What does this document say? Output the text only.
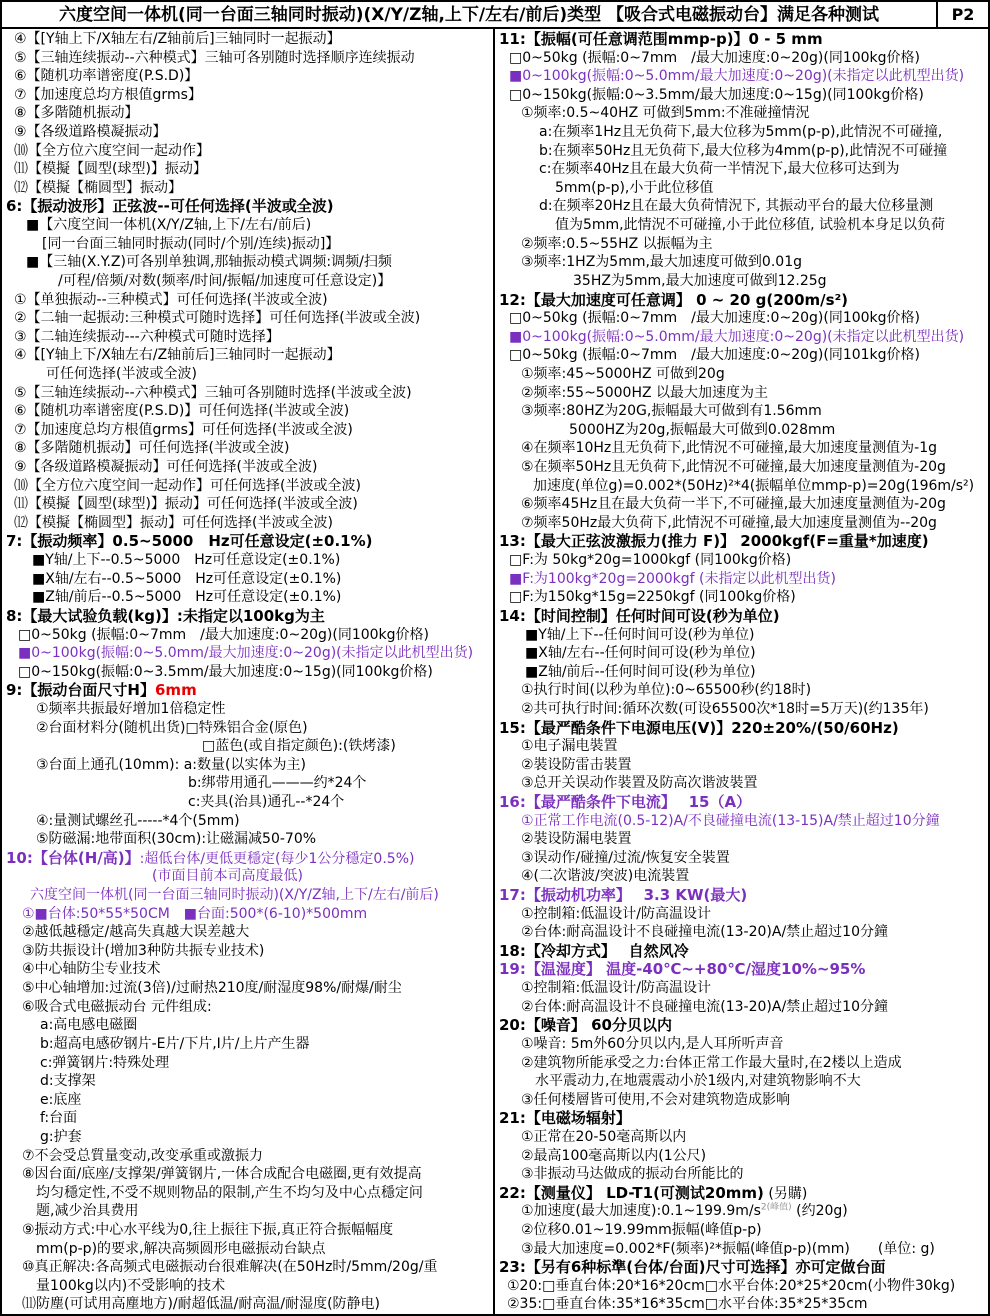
六度空间一体机(同一台面三轴同时振动)(X/Y/Z轴,上下/左右/前后)类型 【吸合式电磁振动台】满足各种测试	P2
④【[Y轴上下/X轴左右/Z轴前后]三轴同时一起振动】
⑤【三轴连续振动--六种模式】三轴可各别随时选择顺序连续振动
⑥【随机功率谱密度(P.S.D)】
⑦【加速度总均方根值grms】
⑧【多階随机振动】
⑨【各级道路模凝振动】
⑽【全方位六度空间一起动作】
⑾【模擬【圆型(球型)】振动】
⑿【模擬【椭圆型】振动】
6:【振动波形】正弦波--可任何选择(半波或全波)
■【六度空间一体机(X/Y/Z轴,上下/左右/前后)
[同一台面三轴同时振动(同时/个别/连续)振动]】
■【三轴(X.Y.Z)可各别单独调,那轴振动模式调频:调频/扫频
/可程/倍频/对数(频率/时间/振幅/加速度可任意设定)】
①【单独振动--三种模式】可任何选择(半波或全波)
②【二轴一起振动:三种模式可随时选择】可任何选择(半波或全波)
③【二轴连续振动---六种模式可随时选择】
④【[Y轴上下/X轴左右/Z轴前后]三轴同时一起振动】
可任何选择(半波或全波)
⑤【三轴连续振动--六种模式】三轴可各别随时选择(半波或全波)
⑥【随机功率谱密度(P.S.D)】可任何选择(半波或全波)
⑦【加速度总均方根值grms】可任何选择(半波或全波)
⑧【多階随机振动】可任何选择(半波或全波)
⑨【各级道路模凝振动】可任何选择(半波或全波)
⑽【全方位六度空间一起动作】可任何选择(半波或全波)
⑾【模擬【圆型(球型)】振动】可任何选择(半波或全波)
⑿【模擬【椭圆型】振动】可任何选择(半波或全波)
7:【振动频率】0.5~5000　Hz可任意设定(±0.1%)
■Y轴/上下--0.5~5000　Hz可任意设定(±0.1%)
■X轴/左右--0.5~5000　Hz可任意设定(±0.1%)
■Z轴/前后--0.5~5000　Hz可任意设定(±0.1%)
8:【最大试验负载(kg)】:未指定以100kg为主
□0~50kg (振幅:0~7mm　/最大加速度:0~20g)(同100kg价格)
■0~100kg(振幅:0~5.0mm/最大加速度:0~20g)(未指定以此机型出货)
□0~150kg(振幅:0~3.5mm/最大加速度:0~15g)(同100kg价格)
9:【振动台面尺寸H】6mm
①频率共振最好增加1倍稳定性
②台面材料分(随机出货)□特殊铝合金(原色)
□蓝色(或自指定颜色):(铁烤漆)
③台面上通孔(10mm): a:数量(以实体为主)
b:绑带用通孔———约*24个
c:夹具(治具)通孔--*24个
④:量测试螺丝孔-----*4个(5mm)
⑤防磁漏:地带面积(30cm):让磁漏减50-70%
10:【台体(H/高)】:超低台体/更低更穩定(每少1公分穩定0.5%)
(市面目前本司高度最低)
六度空间一体机(同一台面三轴同时振动)(X/Y/Z轴,上下/左右/前后)
①■台体:50*55*50CM　■台面:500*(6-10)*500mm
②越低越穩定/越高失真越大误差越大
③防共振设计(增加3种防共振专业技术)
④中心轴防尘专业技术
⑤中心轴增加:过流(3倍)/过耐热210度/耐湿度98%/耐爆/耐尘
⑥吸合式电磁振动台 元件组成:
a:高电感电磁圈
b:超高电感矽钢片-E片/下片,I片/上片产生器
c:弹簧钢片:特殊处理
d:支撑架
e:底座
f:台面
g:护套
⑦不会受总質量变动,改变承重或激振力
⑧因台面/底座/支撑架/弹簧钢片,一体合成配合电磁圈,更有效提高
均匀穩定性,不受不规则物品的限制,产生不均匀及中心点穩定问
题,减少治具费用
⑨振动方式:中心水平线为0,往上振往下振,真正符合振幅幅度
mm(p-p)的要求,解决高频圆形电磁振动台缺点
⑩真正解决:各高频式电磁振动台很难解决(在50Hz时/5mm/20g/重
量100kg以内)不受影响的技术
⑾防塵(可试用高塵地方)/耐超低温/耐高温/耐湿度(防静电)
11:【振幅(可任意调范围mmp-p)】0 - 5 mm
□0~50kg (振幅:0~7mm　/最大加速度:0~20g)(同100kg价格)
■0~100kg(振幅:0~5.0mm/最大加速度:0~20g)(未指定以此机型出货)
□0~150kg(振幅:0~3.5mm/最大加速度:0~15g)(同100kg价格)
①频率:0.5~40HZ 可做到5mm:不准碰撞情況
a:在频率1Hz且无负荷下,最大位移为5mm(p-p),此情況不可碰撞,
b:在频率50Hz且无负荷下,最大位移为4mm(p-p),此情況不可碰撞
c:在频率40Hz且在最大负荷一半情況下,最大位移可达到为
5mm(p-p),小于此位移值
d:在频率20Hz且在最大负荷情況下, 其振动平台的最大位移量测
值为5mm,此情況不可碰撞,小于此位移值, 试验机本身足以负荷
②频率:0.5~55HZ 以振幅为主
③频率:1HZ为5mm,最大加速度可做到0.01g
35HZ为5mm,最大加速度可做到12.25g
12:【最大加速度可任意调】 0 ~ 20 g(200m/s²)
□0~50kg (振幅:0~7mm　/最大加速度:0~20g)(同100kg价格)
■0~100kg(振幅:0~5.0mm/最大加速度:0~20g)(未指定以此机型出货)
□0~50kg (振幅:0~7mm　/最大加速度:0~20g)(同101kg价格)
①频率:45~5000HZ 可做到20g
②频率:55~5000HZ 以最大加速度为主
③频率:80HZ为20G,振幅最大可做到有1.56mm
5000HZ为20g,振幅最大可做到0.028mm
④在频率10Hz且无负荷下,此情況不可碰撞,最大加速度量测值为-1g
⑤在频率50Hz且无负荷下,此情況不可碰撞,最大加速度量测值为-20g
加速度(单位g)=0.002*(50Hz)²*4(振幅单位mmp-p)=20g(196m/s²)
⑥频率45Hz且在最大负荷一半下,不可碰撞,最大加速度量测值为-20g
⑦频率50Hz最大负荷下,此情況不可碰撞,最大加速度量测值为--20g
13:【最大正弦波激振力(推力 F)】 2000kgf(F=重量*加速度)
□F:为 50kg*20g=1000kgf (同100kg价格)
■F:为100kg*20g=2000kgf (未指定以此机型出货)
□F:为150kg*15g=2250kgf (同100kg价格)
14:【时间控制】任何时间可设(秒为单位)
■Y轴/上下--任何时间可设(秒为单位)
■X轴/左右--任何时间可设(秒为单位)
■Z轴/前后--任何时间可设(秒为单位)
①执行时间(以秒为单位):0~65500秒(约18时)
②共可执行时间:循环次数(可设65500次*18时=5万天)(约135年)
15:【最严酷条件下电源电压(V)】220±20%/(50/60Hz)
①电子漏电裝置
②裝设防雷击裝置
③总开关误动作裝置及防高次谐波裝置
16:【最严酷条件下电流】　 15（A）
①正常工作电流(0.5-12)A/不良碰撞电流(13-15)A/禁止超过10分鐘
②裝设防漏电裝置
③误动作/碰撞/过流/恢复安全裝置
④(二次谐波/突波)电流裝置
17:【振动机功率】　 3.3 KW(最大)
①控制箱:低温设计/防高温设计
②台体:耐高温设计不良碰撞电流(13-20)A/禁止超过10分鐘
18:【冷却方式】　 自然风冷
19:【温湿度】 温度-40℃~+80℃/湿度10%~95%
①控制箱:低温设计/防高温设计
②台体:耐高温设计不良碰撞电流(13-20)A/禁止超过10分鐘
20:【噪音】 60分贝以内
①噪音: 5m外60分贝以内,是人耳所听声音
②建筑物所能承受之力:台体正常工作最大量时,在2楼以上造成
水平震动力,在地震震动小於1级内,对建筑物影响不大
③任何楼層皆可使用,不会对建筑物造成影响
21:【电磁场辐射】
①正常在20-50毫高斯以内
②最高100毫高斯以内(1公尺)
③非振动马达做成的振动台所能比的
22:【测量仪】 LD-T1(可测试20mm) (另購)
①加速度(最大加速度)$:0.1\sim 199.9m/s^{2(峰值)}$ (约20g)
②位移0.01~19.99mm振幅(峰值p-p)
③最大加速度=0.002*F(频率)²*振幅(峰值p-p)(mm)　　(单位: g)
23:【另有6种标準(台体/台面)尺寸可选择】亦可定做台面
①20:□垂直台体:20*16*20cm□水平台体:20*25*20cm(小物件30kg)
②35:□垂直台体:35*16*35cm□水平台体:35*25*35cm
